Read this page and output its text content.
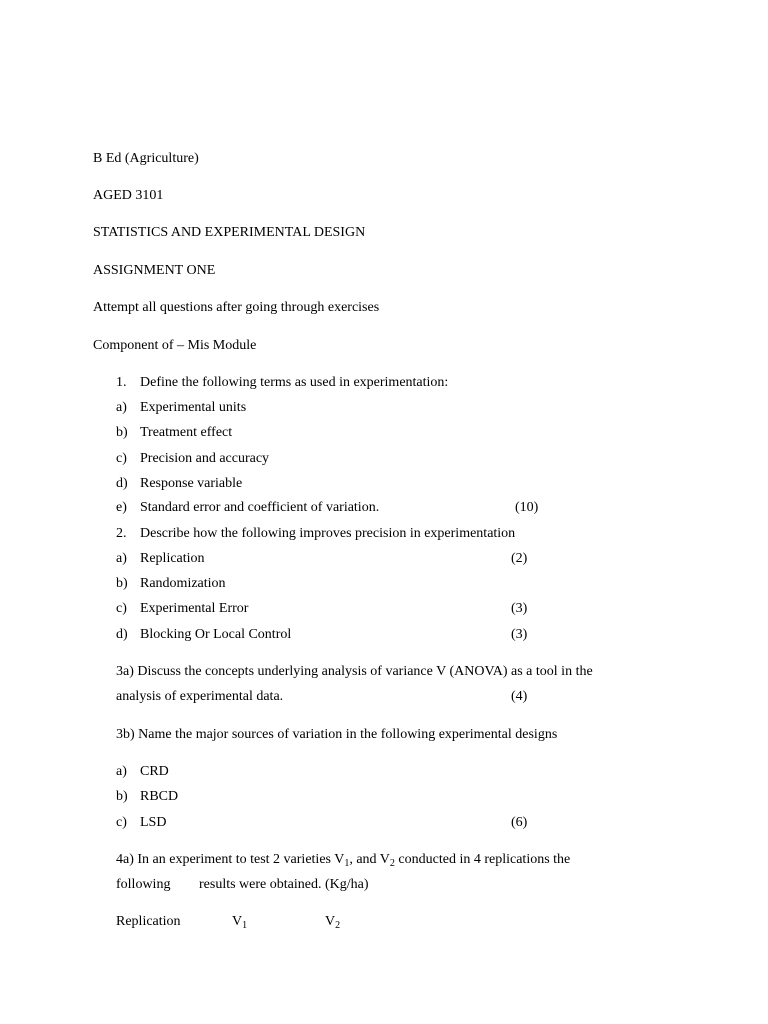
B Ed (Agriculture)
AGED 3101
STATISTICS AND EXPERIMENTAL DESIGN
ASSIGNMENT ONE
Attempt all questions after going through exercises
Component of – Mis Module
1. Define the following terms as used in experimentation:
a) Experimental units
b) Treatment effect
c) Precision and accuracy
d) Response variable
e) Standard error and coefficient of variation.	(10)
2. Describe how the following improves precision in experimentation
a) Replication	(2)
b) Randomization
c) Experimental Error	(3)
d) Blocking Or Local Control	(3)
3a) Discuss the concepts underlying analysis of variance V (ANOVA) as a tool in the
analysis of experimental data.	(4)
3b) Name the major sources of variation in the following experimental designs
a) CRD
b) RBCD
c) LSD	(6)
4a) In an experiment to test 2 varieties $V_1$, and $V_2$ conducted in 4 replications the
following results were obtained. (Kg/ha)
Replication	$V_1$	$V_2$
